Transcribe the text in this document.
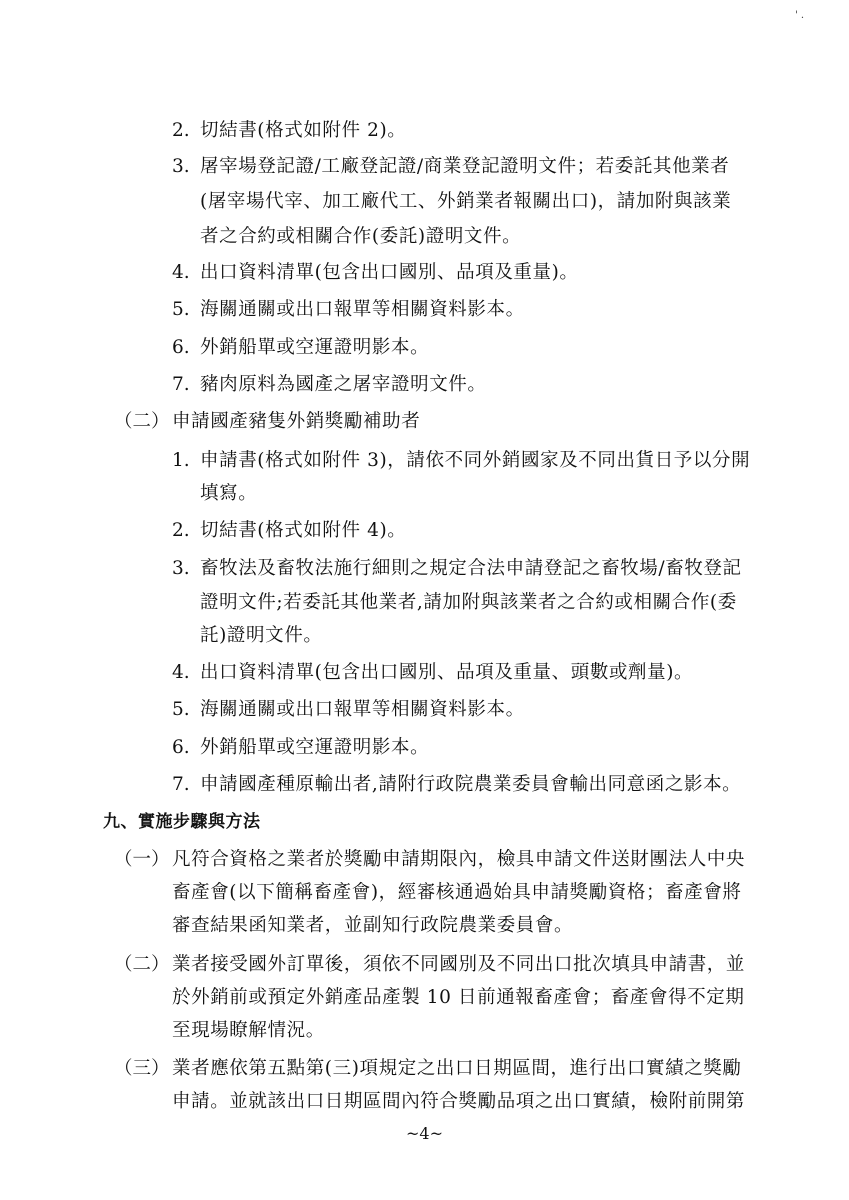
' .
2. 切結書(格式如附件 2)。
3. 屠宰場登記證/工廠登記證/商業登記證明文件；若委託其他業者
(屠宰場代宰、加工廠代工、外銷業者報關出口)，請加附與該業
者之合約或相關合作(委託)證明文件。
4. 出口資料清單(包含出口國別、品項及重量)。
5. 海關通關或出口報單等相關資料影本。
6. 外銷船單或空運證明影本。
7. 豬肉原料為國產之屠宰證明文件。
（二） 申請國產豬隻外銷獎勵補助者
1. 申請書(格式如附件 3)，請依不同外銷國家及不同出貨日予以分開
填寫。
2. 切結書(格式如附件 4)。
3. 畜牧法及畜牧法施行細則之規定合法申請登記之畜牧場/畜牧登記
證明文件;若委託其他業者,請加附與該業者之合約或相關合作(委
託)證明文件。
4. 出口資料清單(包含出口國別、品項及重量、頭數或劑量)。
5. 海關通關或出口報單等相關資料影本。
6. 外銷船單或空運證明影本。
7. 申請國產種原輸出者,請附行政院農業委員會輸出同意函之影本。
九、實施步驟與方法
（一） 凡符合資格之業者於獎勵申請期限內，檢具申請文件送財團法人中央
畜產會(以下簡稱畜產會)，經審核通過始具申請獎勵資格；畜產會將
審查結果函知業者，並副知行政院農業委員會。
（二） 業者接受國外訂單後，須依不同國別及不同出口批次填具申請書，並
於外銷前或預定外銷產品產製 10 日前通報畜產會；畜產會得不定期
至現場瞭解情況。
（三） 業者應依第五點第(三)項規定之出口日期區間，進行出口實績之獎勵
申請。並就該出口日期區間內符合獎勵品項之出口實績，檢附前開第
~4~
